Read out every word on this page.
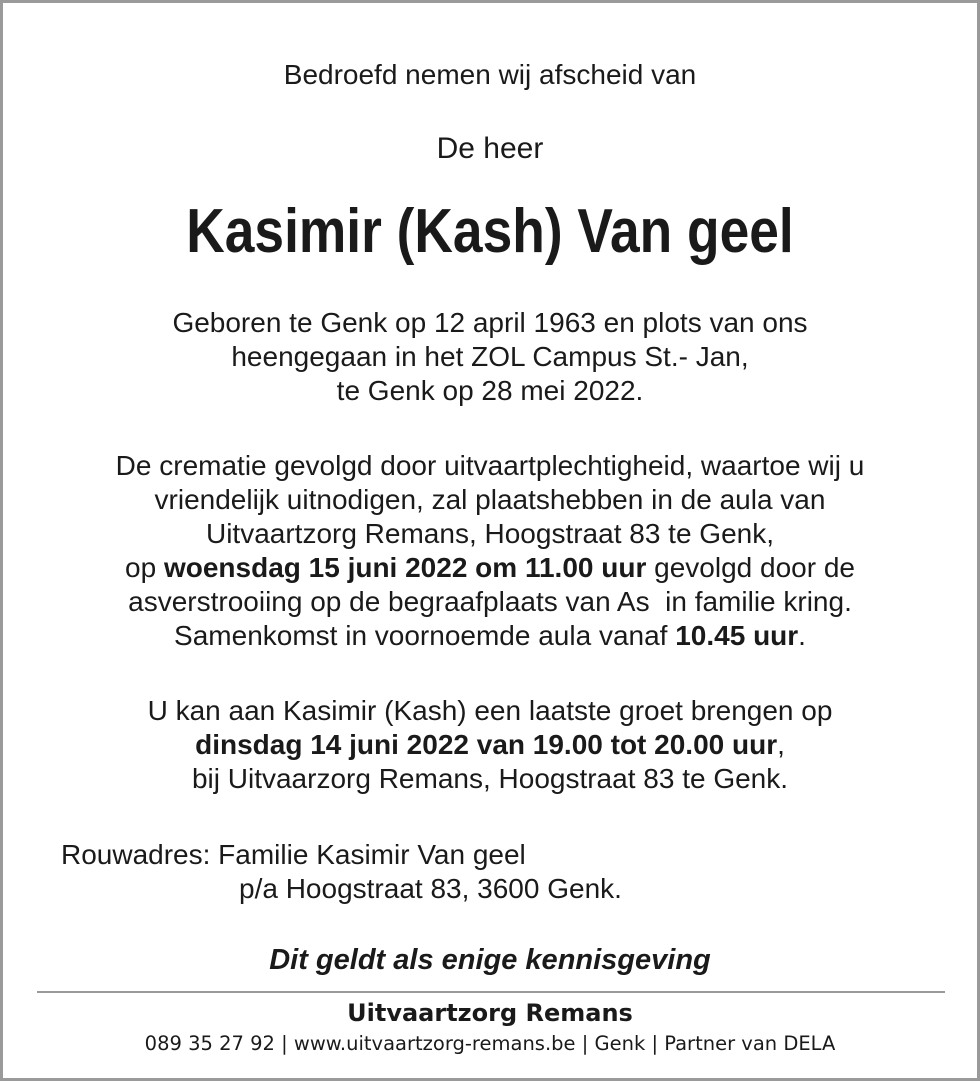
Bedroefd nemen wij afscheid van
De heer
Kasimir (Kash) Van geel
Geboren te Genk op 12 april 1963 en plots van ons
heengegaan in het ZOL Campus St.- Jan,
te Genk op 28 mei 2022.
De crematie gevolgd door uitvaartplechtigheid, waartoe wij u
vriendelijk uitnodigen, zal plaatshebben in de aula van
Uitvaartzorg Remans, Hoogstraat 83 te Genk,
op woensdag 15 juni 2022 om 11.00 uur gevolgd door de
asverstrooiing op de begraafplaats van As  in familie kring.
Samenkomst in voornoemde aula vanaf 10.45 uur.
U kan aan Kasimir (Kash) een laatste groet brengen op
dinsdag 14 juni 2022 van 19.00 tot 20.00 uur,
bij Uitvaarzorg Remans, Hoogstraat 83 te Genk.
Rouwadres: Familie Kasimir Van geel
p/a Hoogstraat 83, 3600 Genk.
Dit geldt als enige kennisgeving
Uitvaartzorg Remans
089 35 27 92 | www.uitvaartzorg-remans.be | Genk | Partner van DELA
